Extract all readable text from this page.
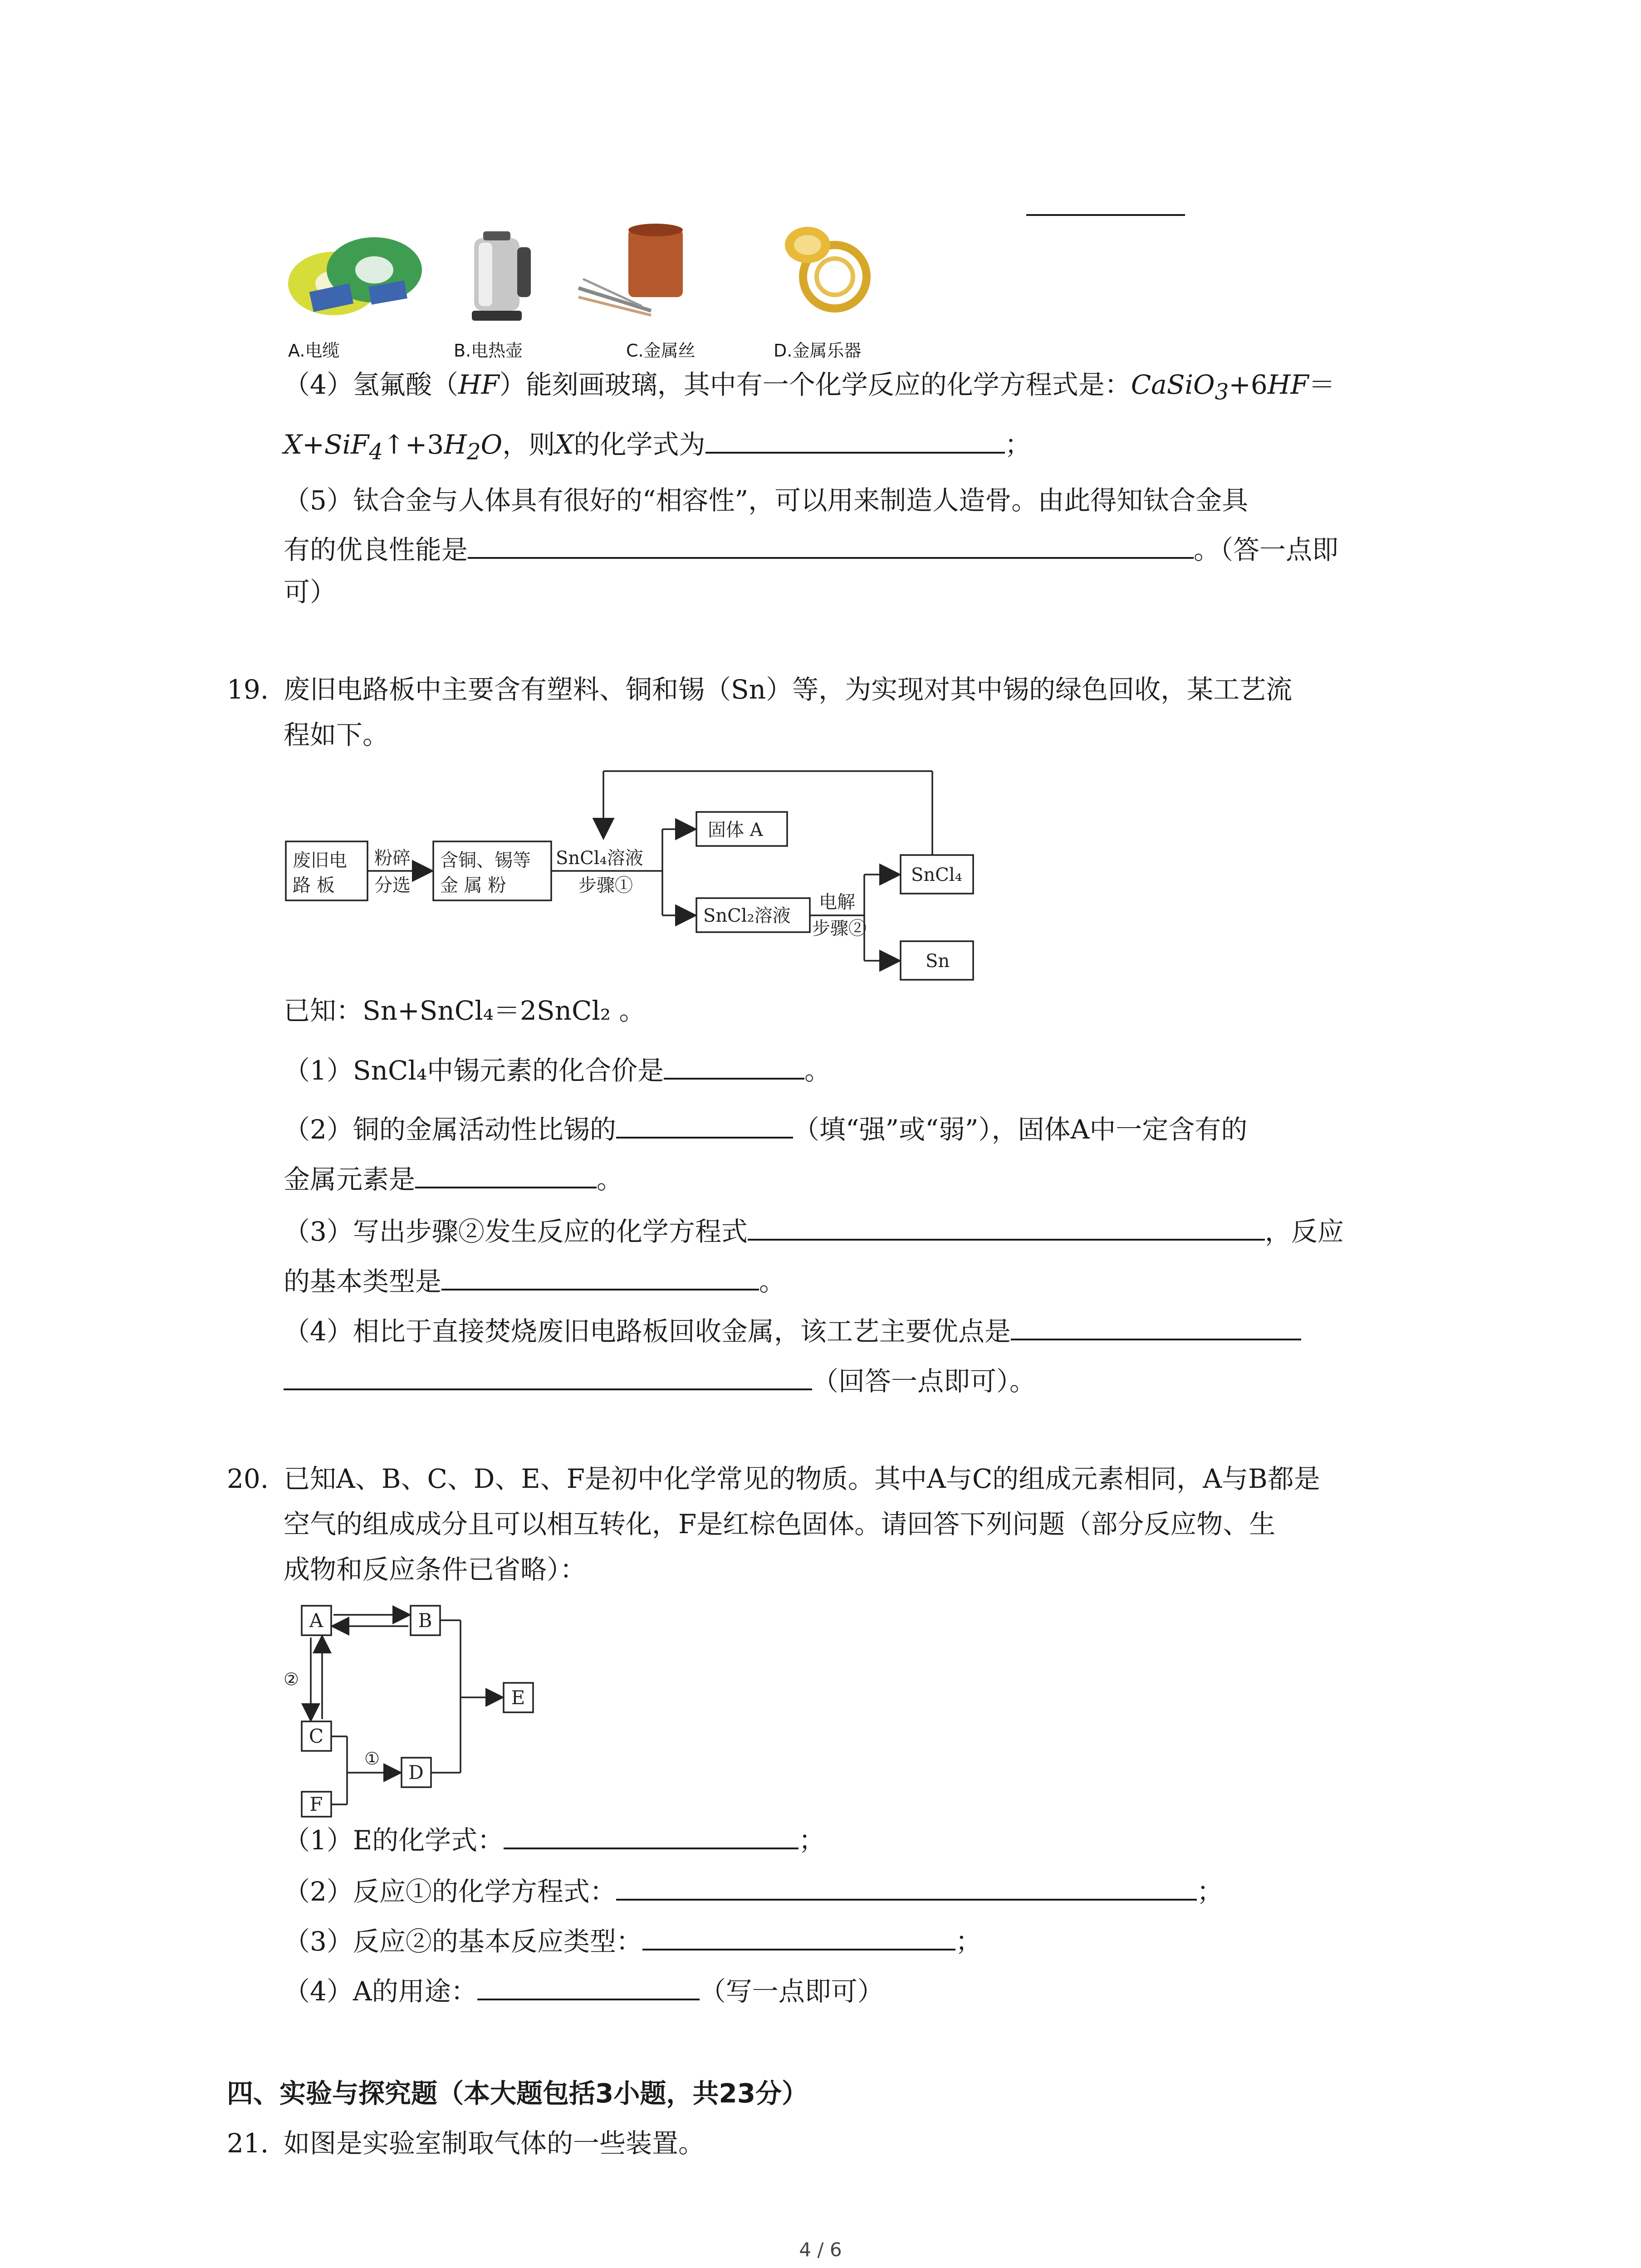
A.电缆	B.电热壶	C.金属丝	D.金属乐器
（4）氢氟酸（HF）能刻画玻璃，其中有一个化学反应的化学方程式是：CaSiO$_3$+6HF＝
$X+SiF_4↑+3H_2O$，则X的化学式为	；
（5）钛合金与人体具有很好的“相容性”，可以用来制造人造骨。由此得知钛合金具
有的优良性能是	。（答一点即
可）
19. 废旧电路板中主要含有塑料、铜和锡（Sn）等，为实现对其中锡的绿色回收，某工艺流
程如下。
废旧电
路 板
粉碎
分选
含铜、锡等
金 属 粉
SnCl₄溶液
步骤①
固体 A
SnCl₂溶液
电解
步骤②
SnCl₄
Sn
已知：Sn+SnCl₄＝2SnCl₂ 。
（1）SnCl₄中锡元素的化合价是	。
（2）铜的金属活动性比锡的	（填“强”或“弱”），固体A中一定含有的
金属元素是	。
（3）写出步骤②发生反应的化学方程式	，反应
的基本类型是	。
（4）相比于直接焚烧废旧电路板回收金属，该工艺主要优点是
（回答一点即可）。
20. 已知A、B、C、D、E、F是初中化学常见的物质。其中A与C的组成元素相同，A与B都是
空气的组成成分且可以相互转化，F是红棕色固体。请回答下列问题（部分反应物、生
成物和反应条件已省略）：
A	B
E
C
D
F
②
①
（1）E的化学式：	；
（2）反应①的化学方程式：	；
（3）反应②的基本反应类型：	；
（4）A的用途：	（写一点即可）
四、实验与探究题（本大题包括3小题，共23分）
21. 如图是实验室制取气体的一些装置。
4 / 6
